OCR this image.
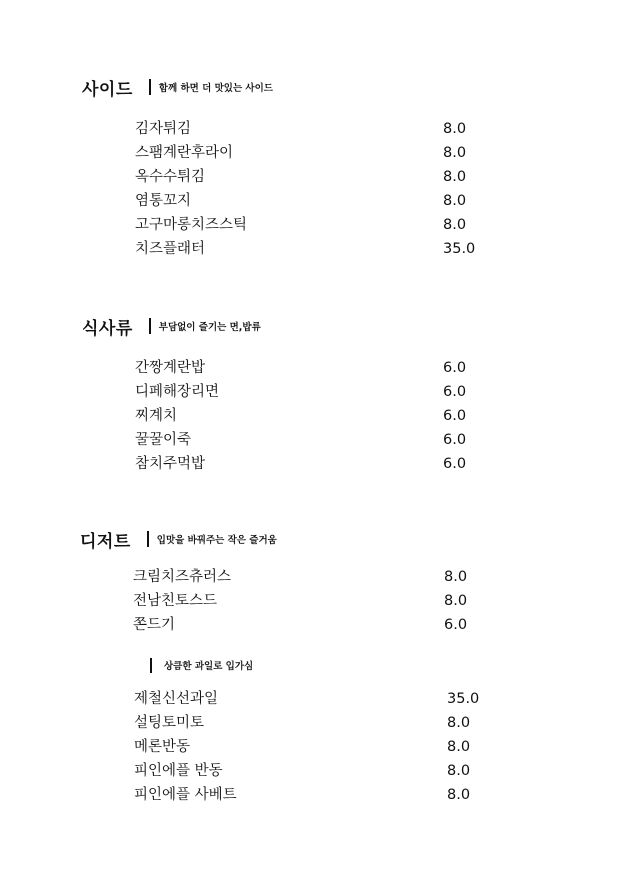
사이드	함께 하면 더 맛있는 사이드
김자튀김	8.0
스팸계란후라이	8.0
옥수수튀김	8.0
염통꼬지	8.0
고구마롱치즈스틱	8.0
치즈플래터	35.0
식사류	부담없이 즐기는 면,밥류
간짱계란밥	6.0
디페해장리면	6.0
찌계치	6.0
꿀꿀이죽	6.0
참치주먹밥	6.0
디저트	입맛을 바꿔주는 작은 즐거움
크림치즈츄러스	8.0
전남친토스드	8.0
쫀드기	6.0
상큼한 과일로 입가심
제철신선과일	35.0
설팅토미토	8.0
메론반동	8.0
피인에플 반동	8.0
피인에플 사베트	8.0
